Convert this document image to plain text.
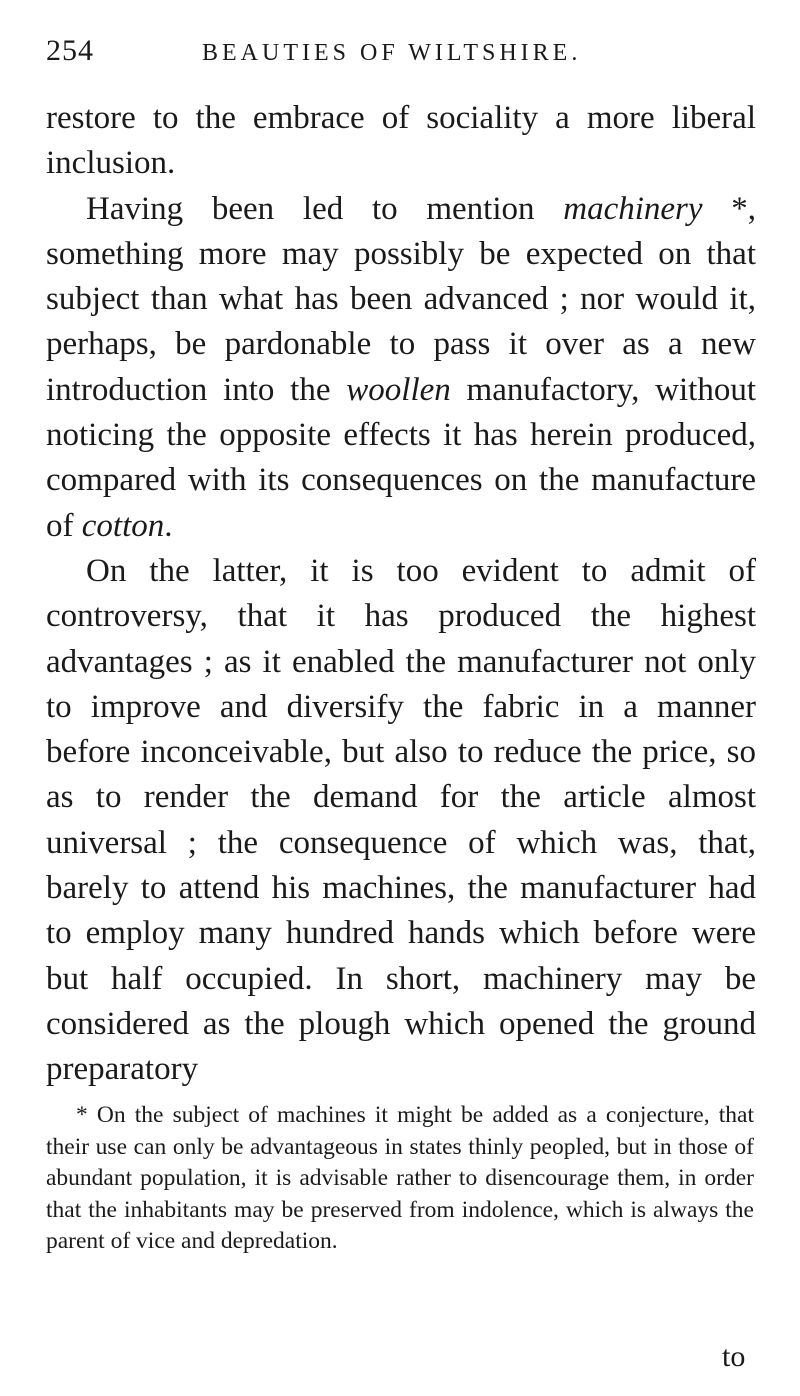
254	BEAUTIES OF WILTSHIRE.

restore to the embrace of sociality a more liberal inclusion.

Having been led to mention machinery *, something more may possibly be expected on that subject than what has been advanced ; nor would it, perhaps, be pardonable to pass it over as a new introduction into the woollen manufactory, without noticing the opposite effects it has herein produced, compared with its consequences on the manufacture of cotton.

On the latter, it is too evident to admit of controversy, that it has produced the highest advantages ; as it enabled the manufacturer not only to improve and diversify the fabric in a manner before inconceivable, but also to reduce the price, so as to render the demand for the article almost universal ; the consequence of which was, that, barely to attend his machines, the manufacturer had to employ many hundred hands which before were but half occupied. In short, machinery may be considered as the plough which opened the ground preparatory

* On the subject of machines it might be added as a conjecture, that their use can only be advantageous in states thinly peopled, but in those of abundant population, it is advisable rather to disencourage them, in order that the inhabitants may be preserved from indolence, which is always the parent of vice and depredation.

to
